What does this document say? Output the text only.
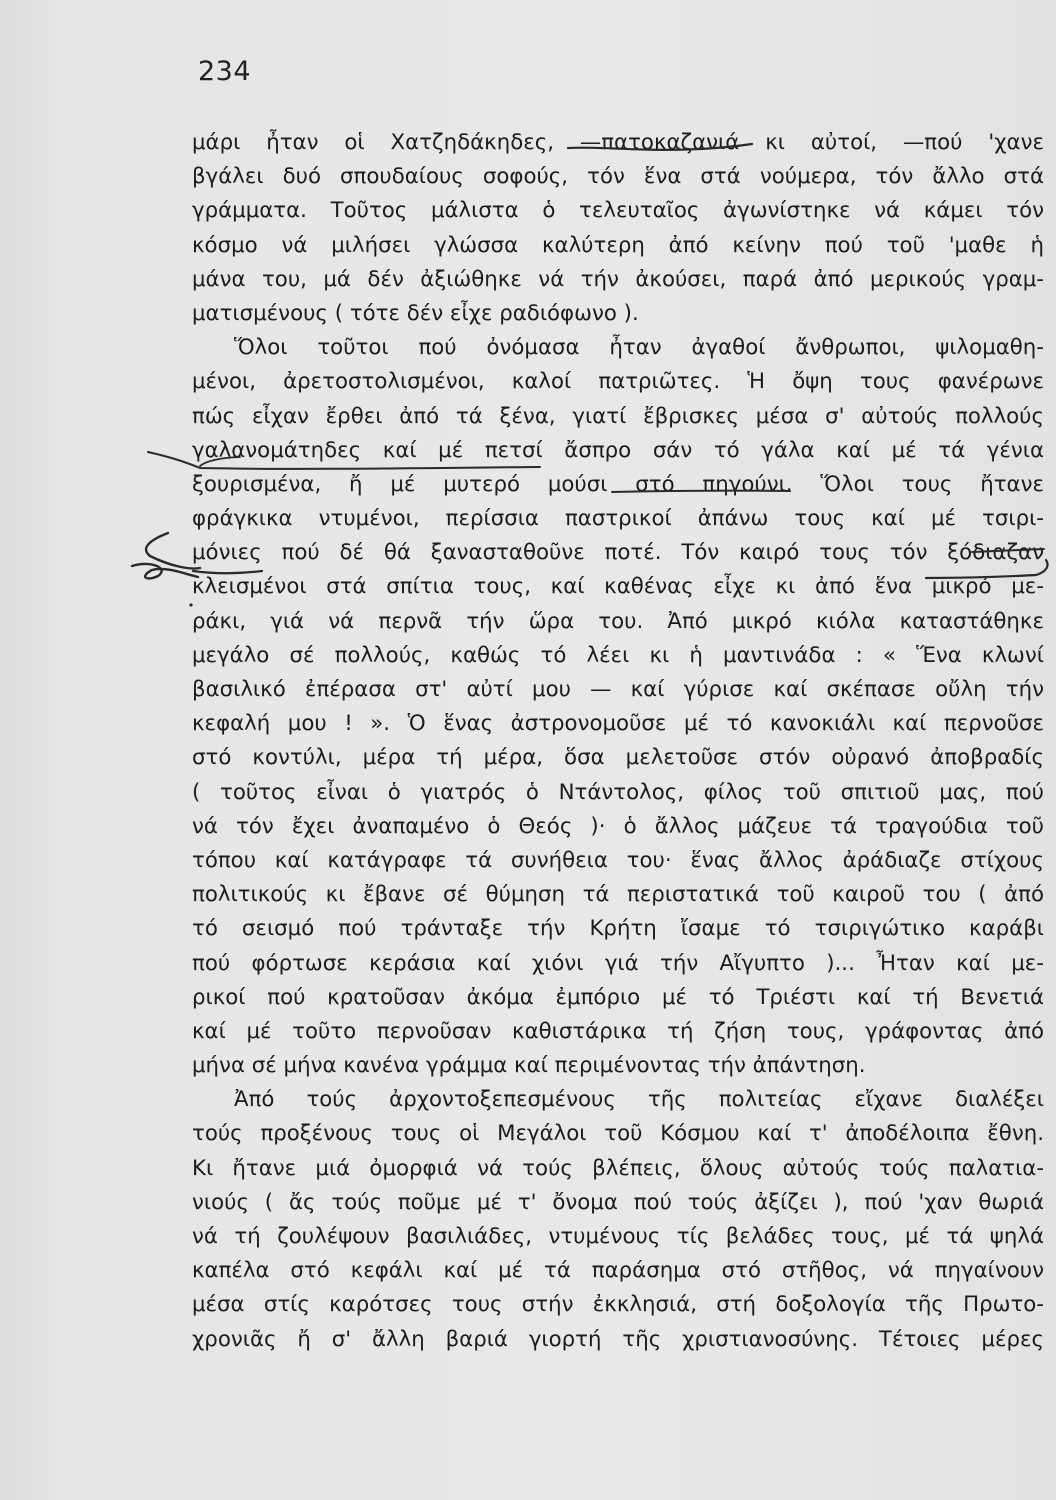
234
μάρι ἦταν οἱ Χατζηδάκηδες, —πατοκαζανιά κι αὐτοί, —πού 'χανε
βγάλει δυό σπουδαίους σοφούς, τόν ἕνα στά νούμερα, τόν ἄλλο στά
γράμματα. Τοῦτος μάλιστα ὁ τελευταῖος ἀγωνίστηκε νά κάμει τόν
κόσμο νά μιλήσει γλώσσα καλύτερη ἀπό κείνην πού τοῦ 'μαθε ἡ
μάνα του, μά δέν ἀξιώθηκε νά τήν ἀκούσει, παρά ἀπό μερικούς γραμ-
ματισμένους ( τότε δέν εἶχε ραδιόφωνο ).
Ὅλοι τοῦτοι πού ὀνόμασα ἦταν ἀγαθοί ἄνθρωποι, ψιλομαθη-
μένοι, ἀρετοστολισμένοι, καλοί πατριῶτες. Ἡ ὄψη τους φανέρωνε
πώς εἶχαν ἔρθει ἀπό τά ξένα, γιατί ἔβρισκες μέσα σ' αὐτούς πολλούς
γαλανομάτηδες καί μέ πετσί ἄσπρο σάν τό γάλα καί μέ τά γένια
ξουρισμένα, ἤ μέ μυτερό μούσι στό πηγούνι. Ὅλοι τους ἤτανε
φράγκικα ντυμένοι, περίσσια παστρικοί ἀπάνω τους καί μέ τσιρι-
μόνιες πού δέ θά ξανασταθοῦνε ποτέ. Τόν καιρό τους τόν ξόδιαζαν
κλεισμένοι στά σπίτια τους, καί καθένας εἶχε κι ἀπό ἕνα μικρό με-
ράκι, γιά νά περνᾶ τήν ὥρα του. Ἀπό μικρό κιόλα καταστάθηκε
μεγάλο σέ πολλούς, καθώς τό λέει κι ἡ μαντινάδα : « Ἕνα κλωνί
βασιλικό ἐπέρασα στ' αὐτί μου — καί γύρισε καί σκέπασε οὔλη τήν
κεφαλή μου ! ». Ὁ ἕνας ἀστρονομοῦσε μέ τό κανοκιάλι καί περνοῦσε
στό κοντύλι, μέρα τή μέρα, ὅσα μελετοῦσε στόν οὐρανό ἀποβραδίς
( τοῦτος εἶναι ὁ γιατρός ὁ Ντάντολος, φίλος τοῦ σπιτιοῦ μας, πού
νά τόν ἔχει ἀναπαμένο ὁ Θεός )· ὁ ἄλλος μάζευε τά τραγούδια τοῦ
τόπου καί κατάγραφε τά συνήθεια του· ἕνας ἄλλος ἀράδιαζε στίχους
πολιτικούς κι ἔβανε σέ θύμηση τά περιστατικά τοῦ καιροῦ του ( ἀπό
τό σεισμό πού τράνταξε τήν Κρήτη ἴσαμε τό τσιριγώτικο καράβι
πού φόρτωσε κεράσια καί χιόνι γιά τήν Αἴγυπτο )... Ἦταν καί με-
ρικοί πού κρατοῦσαν ἀκόμα ἐμπόριο μέ τό Τριέστι καί τή Βενετιά
καί μέ τοῦτο περνοῦσαν καθιστάρικα τή ζήση τους, γράφοντας ἀπό
μήνα σέ μήνα κανένα γράμμα καί περιμένοντας τήν ἀπάντηση.
Ἀπό τούς ἀρχοντοξεπεσμένους τῆς πολιτείας εἴχανε διαλέξει
τούς προξένους τους οἱ Μεγάλοι τοῦ Κόσμου καί τ' ἀποδέλοιπα ἔθνη.
Κι ἤτανε μιά ὀμορφιά νά τούς βλέπεις, ὅλους αὐτούς τούς παλατια-
νιούς ( ἄς τούς ποῦμε μέ τ' ὄνομα πού τούς ἀξίζει ), πού 'χαν θωριά
νά τή ζουλέψουν βασιλιάδες, ντυμένους τίς βελάδες τους, μέ τά ψηλά
καπέλα στό κεφάλι καί μέ τά παράσημα στό στῆθος, νά πηγαίνουν
μέσα στίς καρότσες τους στήν ἐκκλησιά, στή δοξολογία τῆς Πρωτο-
χρονιᾶς ἤ σ' ἄλλη βαριά γιορτή τῆς χριστιανοσύνης. Τέτοιες μέρες
